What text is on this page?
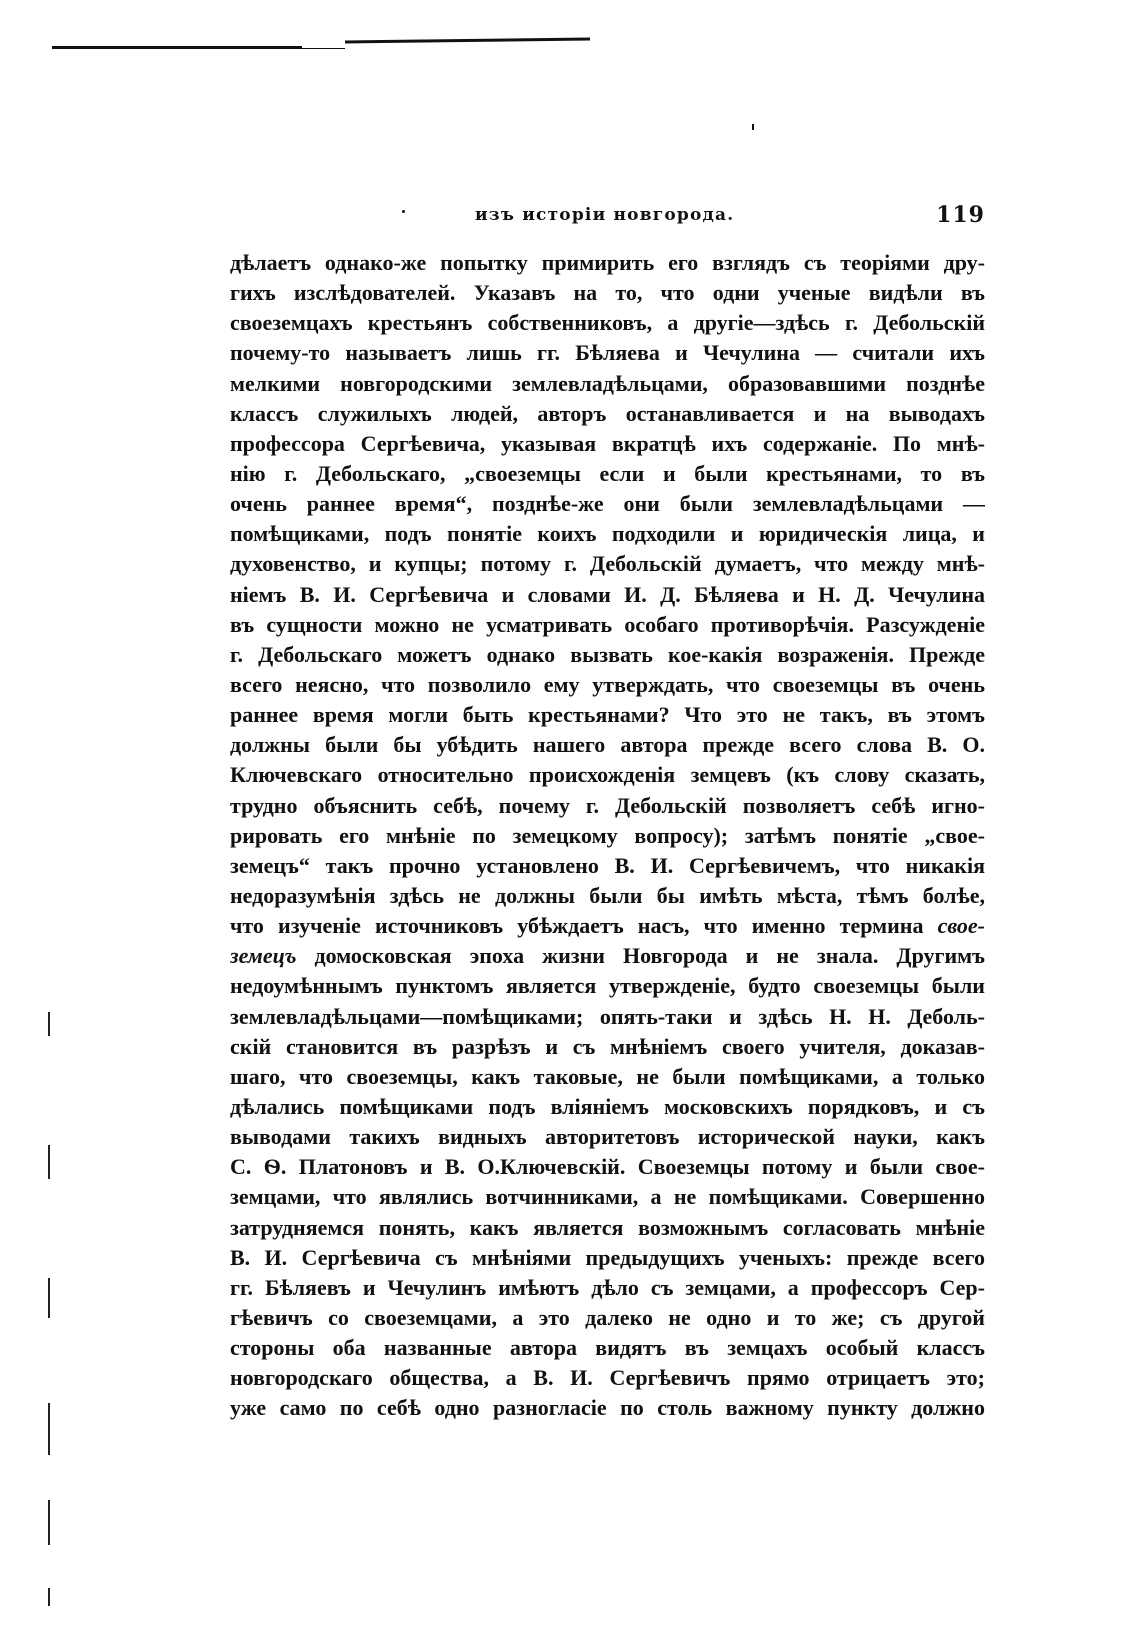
изъ исторіи новгорода.	119
дѣлаетъ однако-же попытку примирить его взглядъ съ теоріями дру-
гихъ изслѣдователей. Указавъ на то, что одни ученые видѣли въ
своеземцахъ крестьянъ собственниковъ, а другіе—здѣсь г. Дебольскій
почему-то называетъ лишь гг. Бѣляева и Чечулина — считали ихъ
мелкими новгородскими землевладѣльцами, образовавшими позднѣе
классъ служилыхъ людей, авторъ останавливается и на выводахъ
профессора Сергѣевича, указывая вкратцѣ ихъ содержаніе. По мнѣ-
нію г. Дебольскаго, „своеземцы если и были крестьянами, то въ
очень раннее время“, позднѣе-же они были землевладѣльцами —
помѣщиками, подъ понятіе коихъ подходили и юридическія лица, и
духовенство, и купцы; потому г. Дебольскій думаетъ, что между мнѣ-
ніемъ В. И. Сергѣевича и словами И. Д. Бѣляева и Н. Д. Чечулина
въ сущности можно не усматривать особаго противорѣчія. Разсужденіе
г. Дебольскаго можетъ однако вызвать кое-какія возраженія. Прежде
всего неясно, что позволило ему утверждать, что своеземцы въ очень
раннее время могли быть крестьянами? Что это не такъ, въ этомъ
должны были бы убѣдить нашего автора прежде всего слова В. О.
Ключевскаго относительно происхожденія земцевъ (къ слову сказать,
трудно объяснить себѣ, почему г. Дебольскій позволяетъ себѣ игно-
рировать его мнѣніе по земецкому вопросу); затѣмъ понятіе „свое-
земецъ“ такъ прочно установлено В. И. Сергѣевичемъ, что никакія
недоразумѣнія здѣсь не должны были бы имѣть мѣста, тѣмъ болѣе,
что изученіе источниковъ убѣждаетъ насъ, что именно термина свое-
земецъ домосковская эпоха жизни Новгорода и не знала. Другимъ
недоумѣннымъ пунктомъ является утвержденіе, будто своеземцы были
землевладѣльцами—помѣщиками; опять-таки и здѣсь Н. Н. Дeболь-
скій становится въ разрѣзъ и съ мнѣніемъ своего учителя, доказав-
шаго, что своеземцы, какъ таковые, не были помѣщиками, а только
дѣлались помѣщиками подъ вліяніемъ московскихъ порядковъ, и съ
выводами такихъ видныхъ авторитетовъ исторической науки, какъ
С. Ѳ. Платоновъ и В. О.Ключевскій. Своеземцы потому и были свое-
земцами, что являлись вотчинниками, а не помѣщиками. Совершенно
затрудняемся понять, какъ является возможнымъ согласовать мнѣніе
В. И. Сергѣевича съ мнѣніями предыдущихъ ученыхъ: прежде всего
гг. Бѣляевъ и Чечулинъ имѣютъ дѣло съ земцами, а профессоръ Сер-
гѣевичъ со своеземцами, а это далеко не одно и то же; съ другой
стороны оба названные автора видятъ въ земцахъ особый классъ
новгородскаго общества, а В. И. Сергѣевичъ прямо отрицаетъ это;
уже само по себѣ одно разногласіе по столь важному пункту должно
